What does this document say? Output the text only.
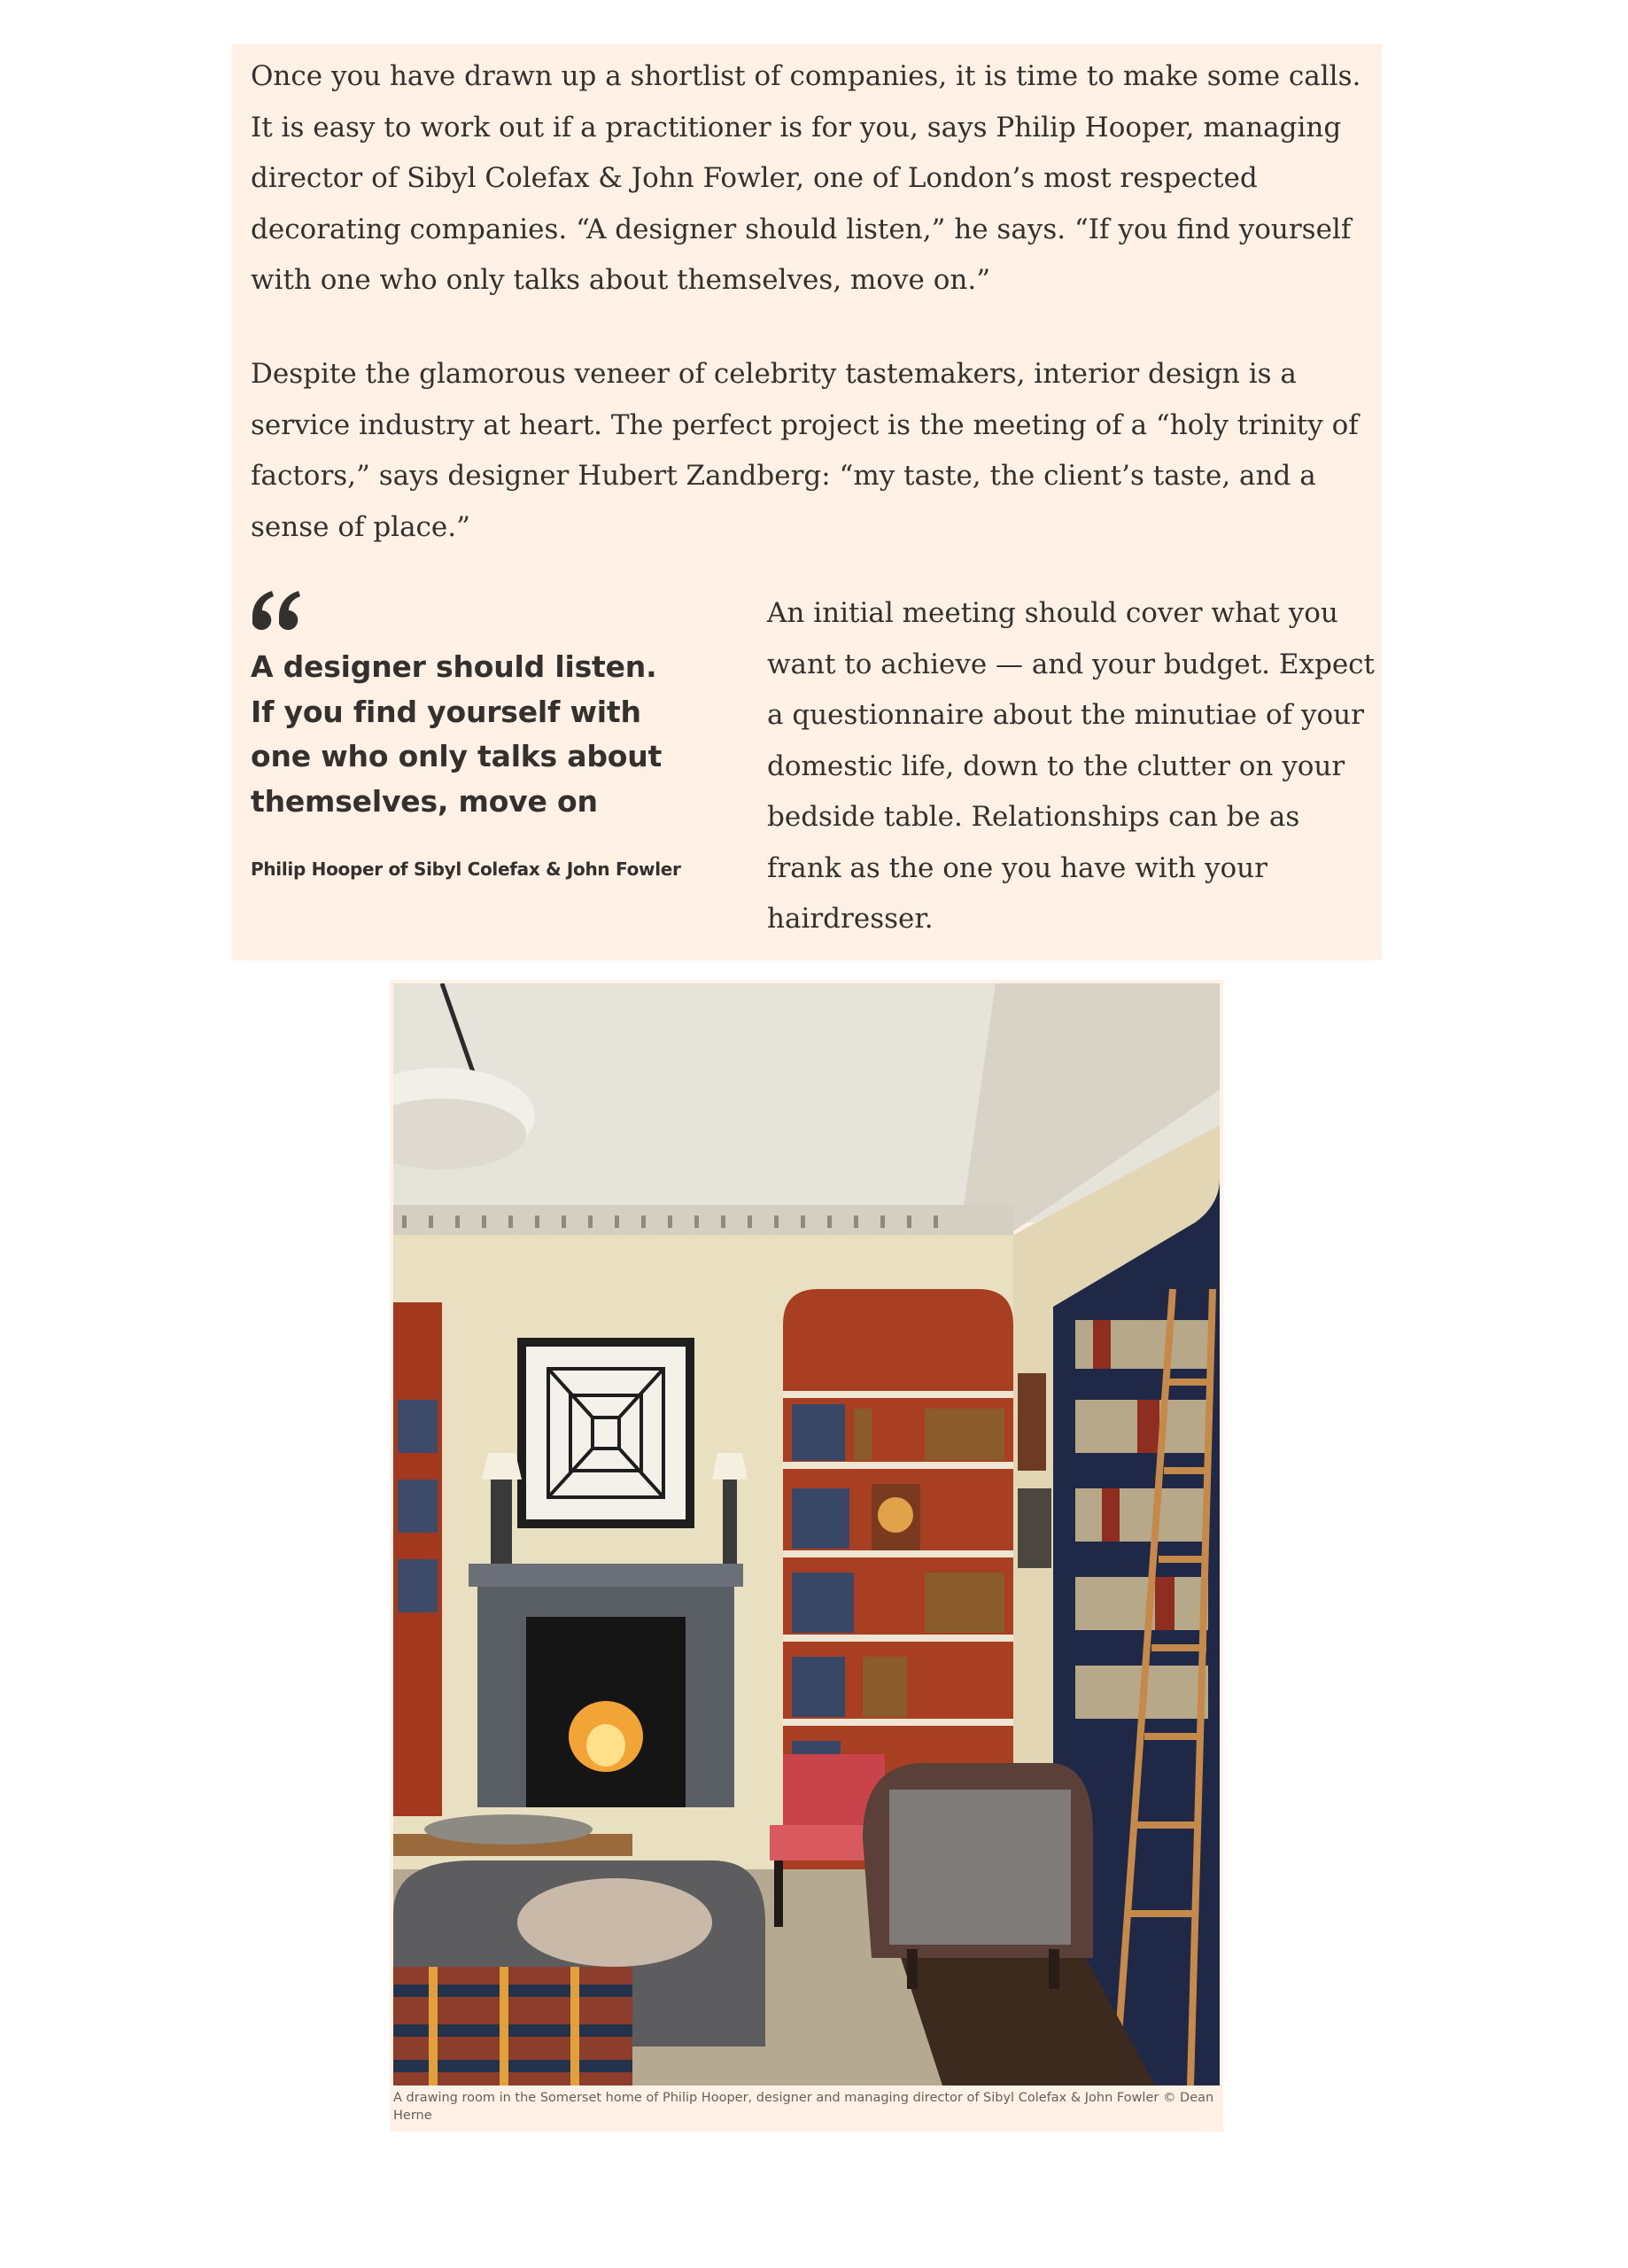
Once you have drawn up a shortlist of companies, it is time to make some calls. It is easy to work out if a practitioner is for you, says Philip Hooper, managing director of Sibyl Colefax & John Fowler, one of London’s most respected decorating companies. “A designer should listen,” he says. “If you find yourself with one who only talks about themselves, move on.”

Despite the glamorous veneer of celebrity tastemakers, interior design is a service industry at heart. The perfect project is the meeting of a “holy trinity of factors,” says designer Hubert Zandberg: “my taste, the client’s taste, and a sense of place.”

A designer should listen. If you find yourself with one who only talks about themselves, move on

Philip Hooper of Sibyl Colefax & John Fowler

An initial meeting should cover what you want to achieve — and your budget. Expect a questionnaire about the minutiae of your domestic life, down to the clutter on your bedside table. Relationships can be as frank as the one you have with your hairdresser.

A drawing room in the Somerset home of Philip Hooper, designer and managing director of Sibyl Colefax & John Fowler © Dean Herne
